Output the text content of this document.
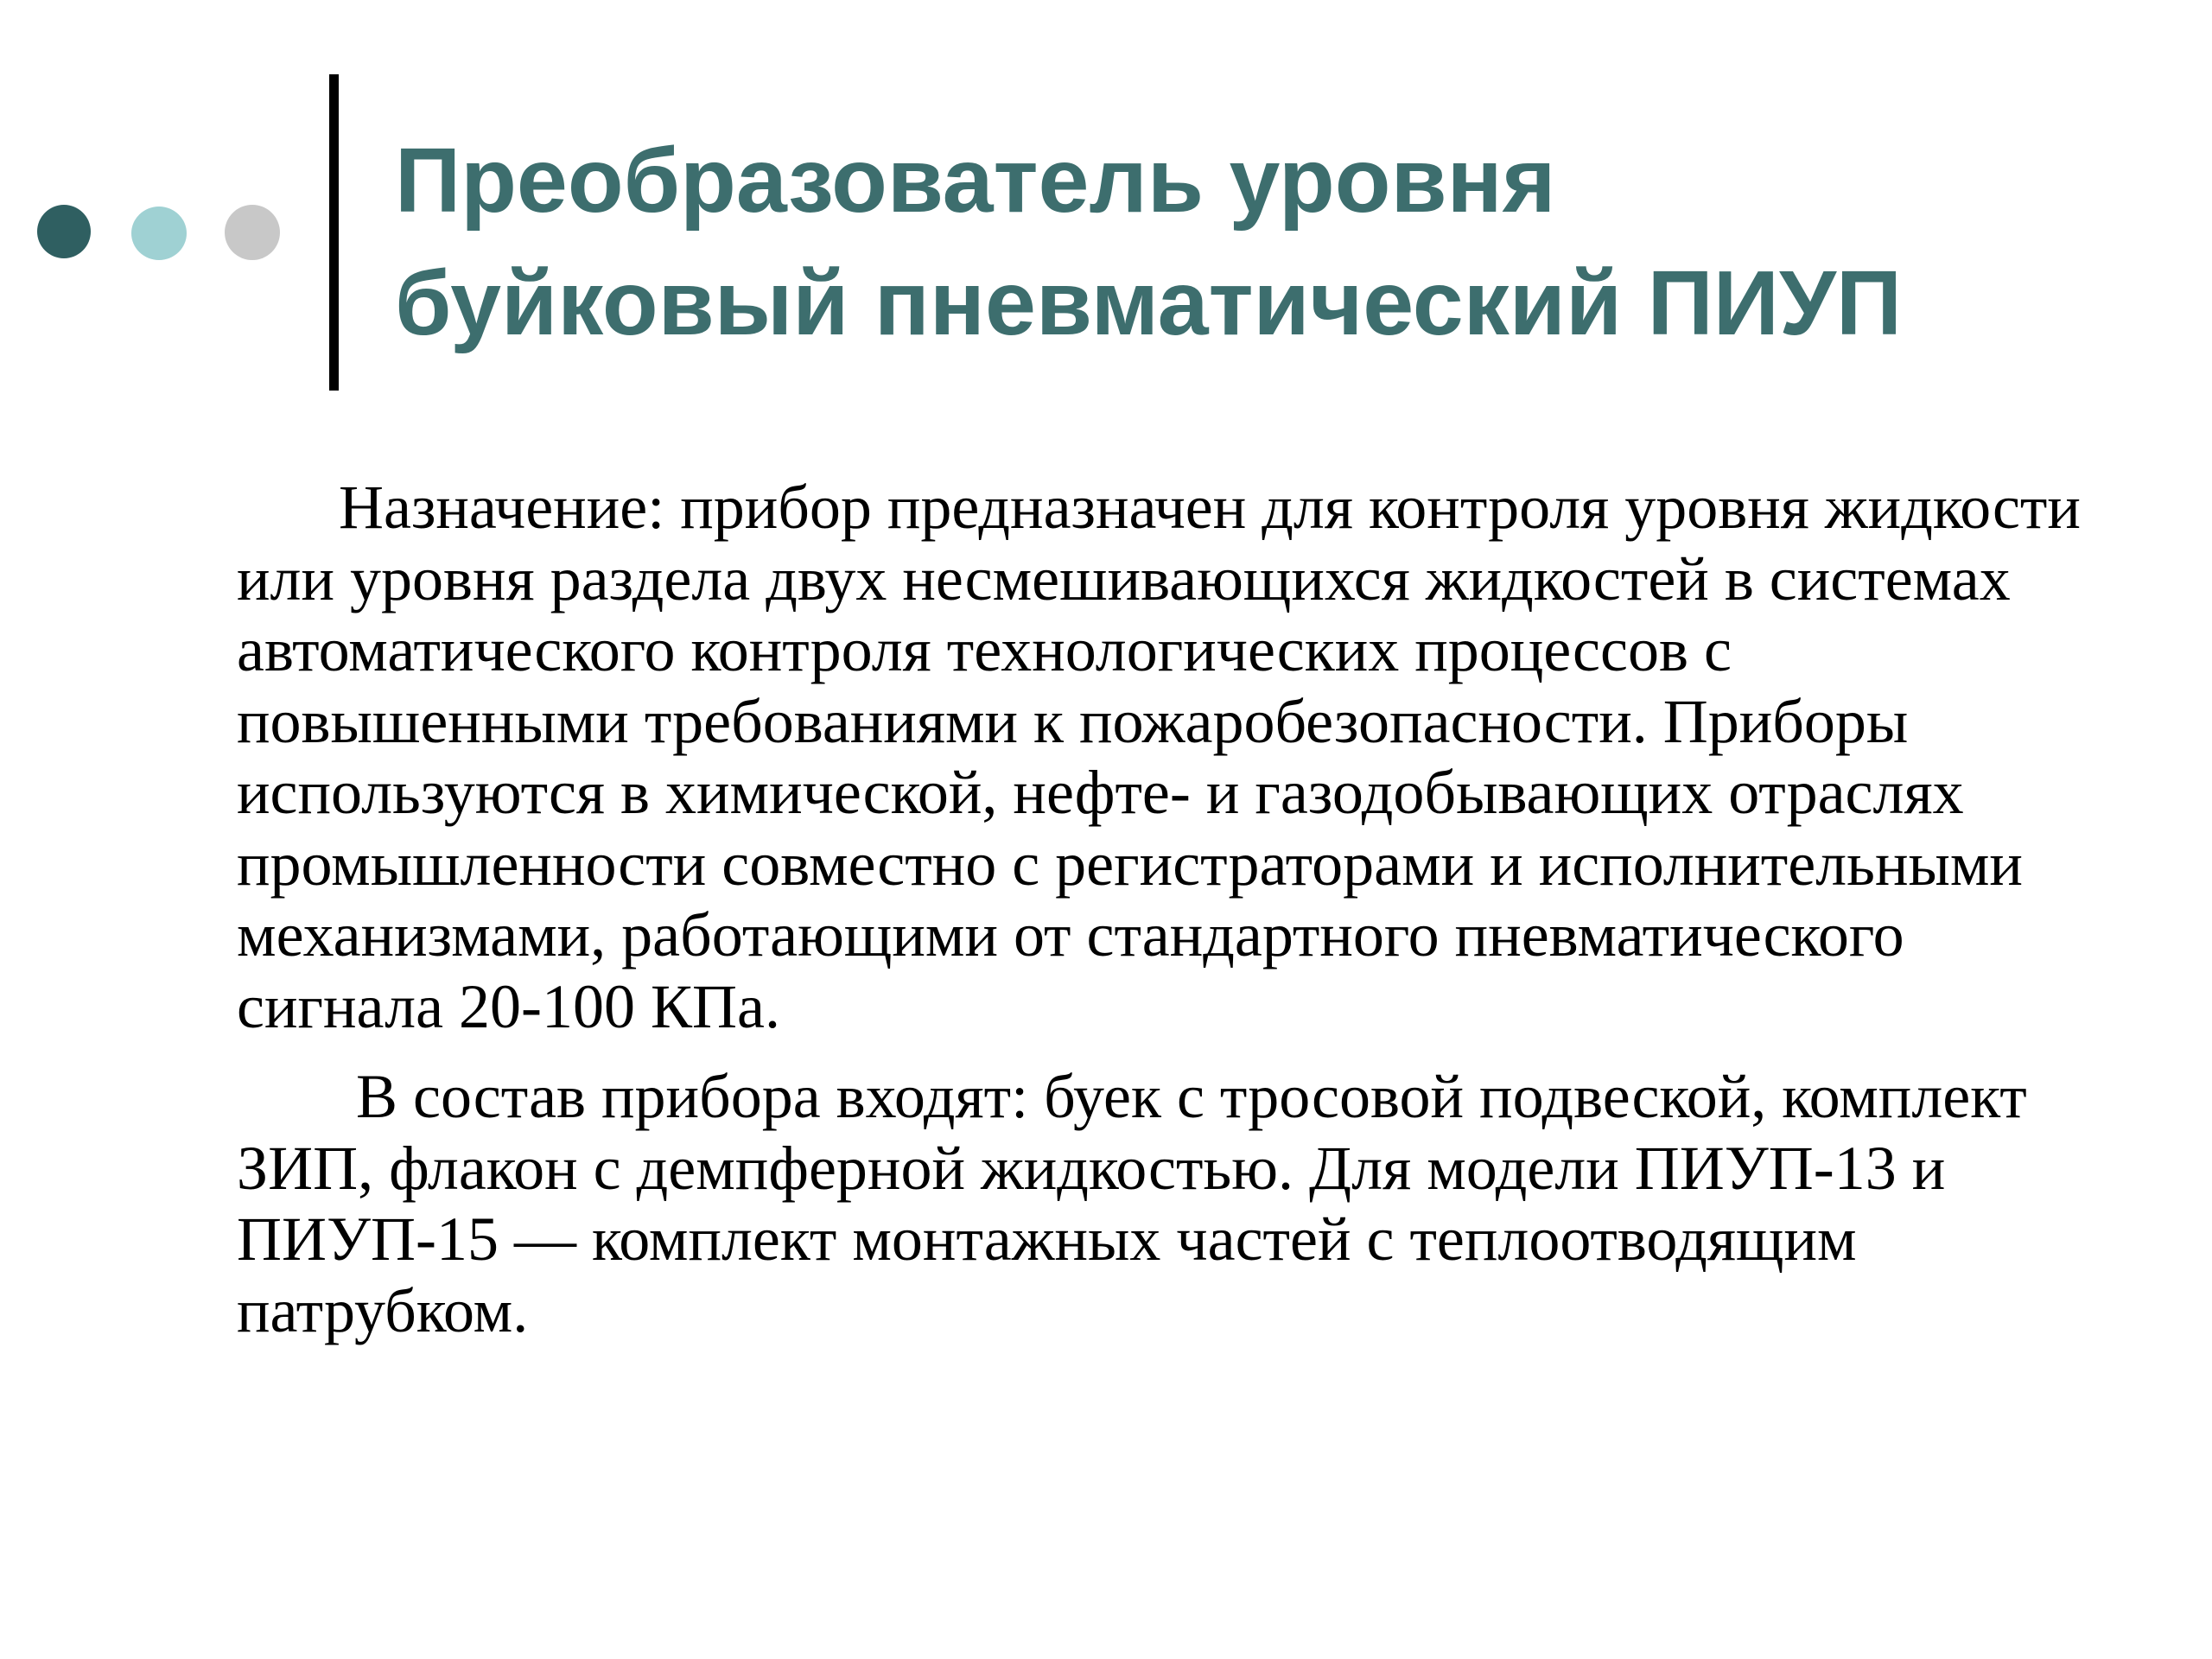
Преобразователь уровня
буйковый пневматический ПИУП

Назначение: прибор предназначен для контроля уровня жидкости или уровня раздела двух несмешивающихся жидкостей в системах автоматического контроля технологических процессов с повышенными требованиями к пожаробезопасности. Приборы используются в химической, нефте- и газодобывающих отраслях промышленности совместно с регистраторами и исполнительными механизмами, работающими от стандартного пневматического сигнала 20-100 КПа.

В состав прибора входят: буек с тросовой подвеской, комплект ЗИП, флакон с демпферной жидкостью. Для модели ПИУП-13 и ПИУП-15 — комплект монтажных частей с теплоотводящим патрубком.
